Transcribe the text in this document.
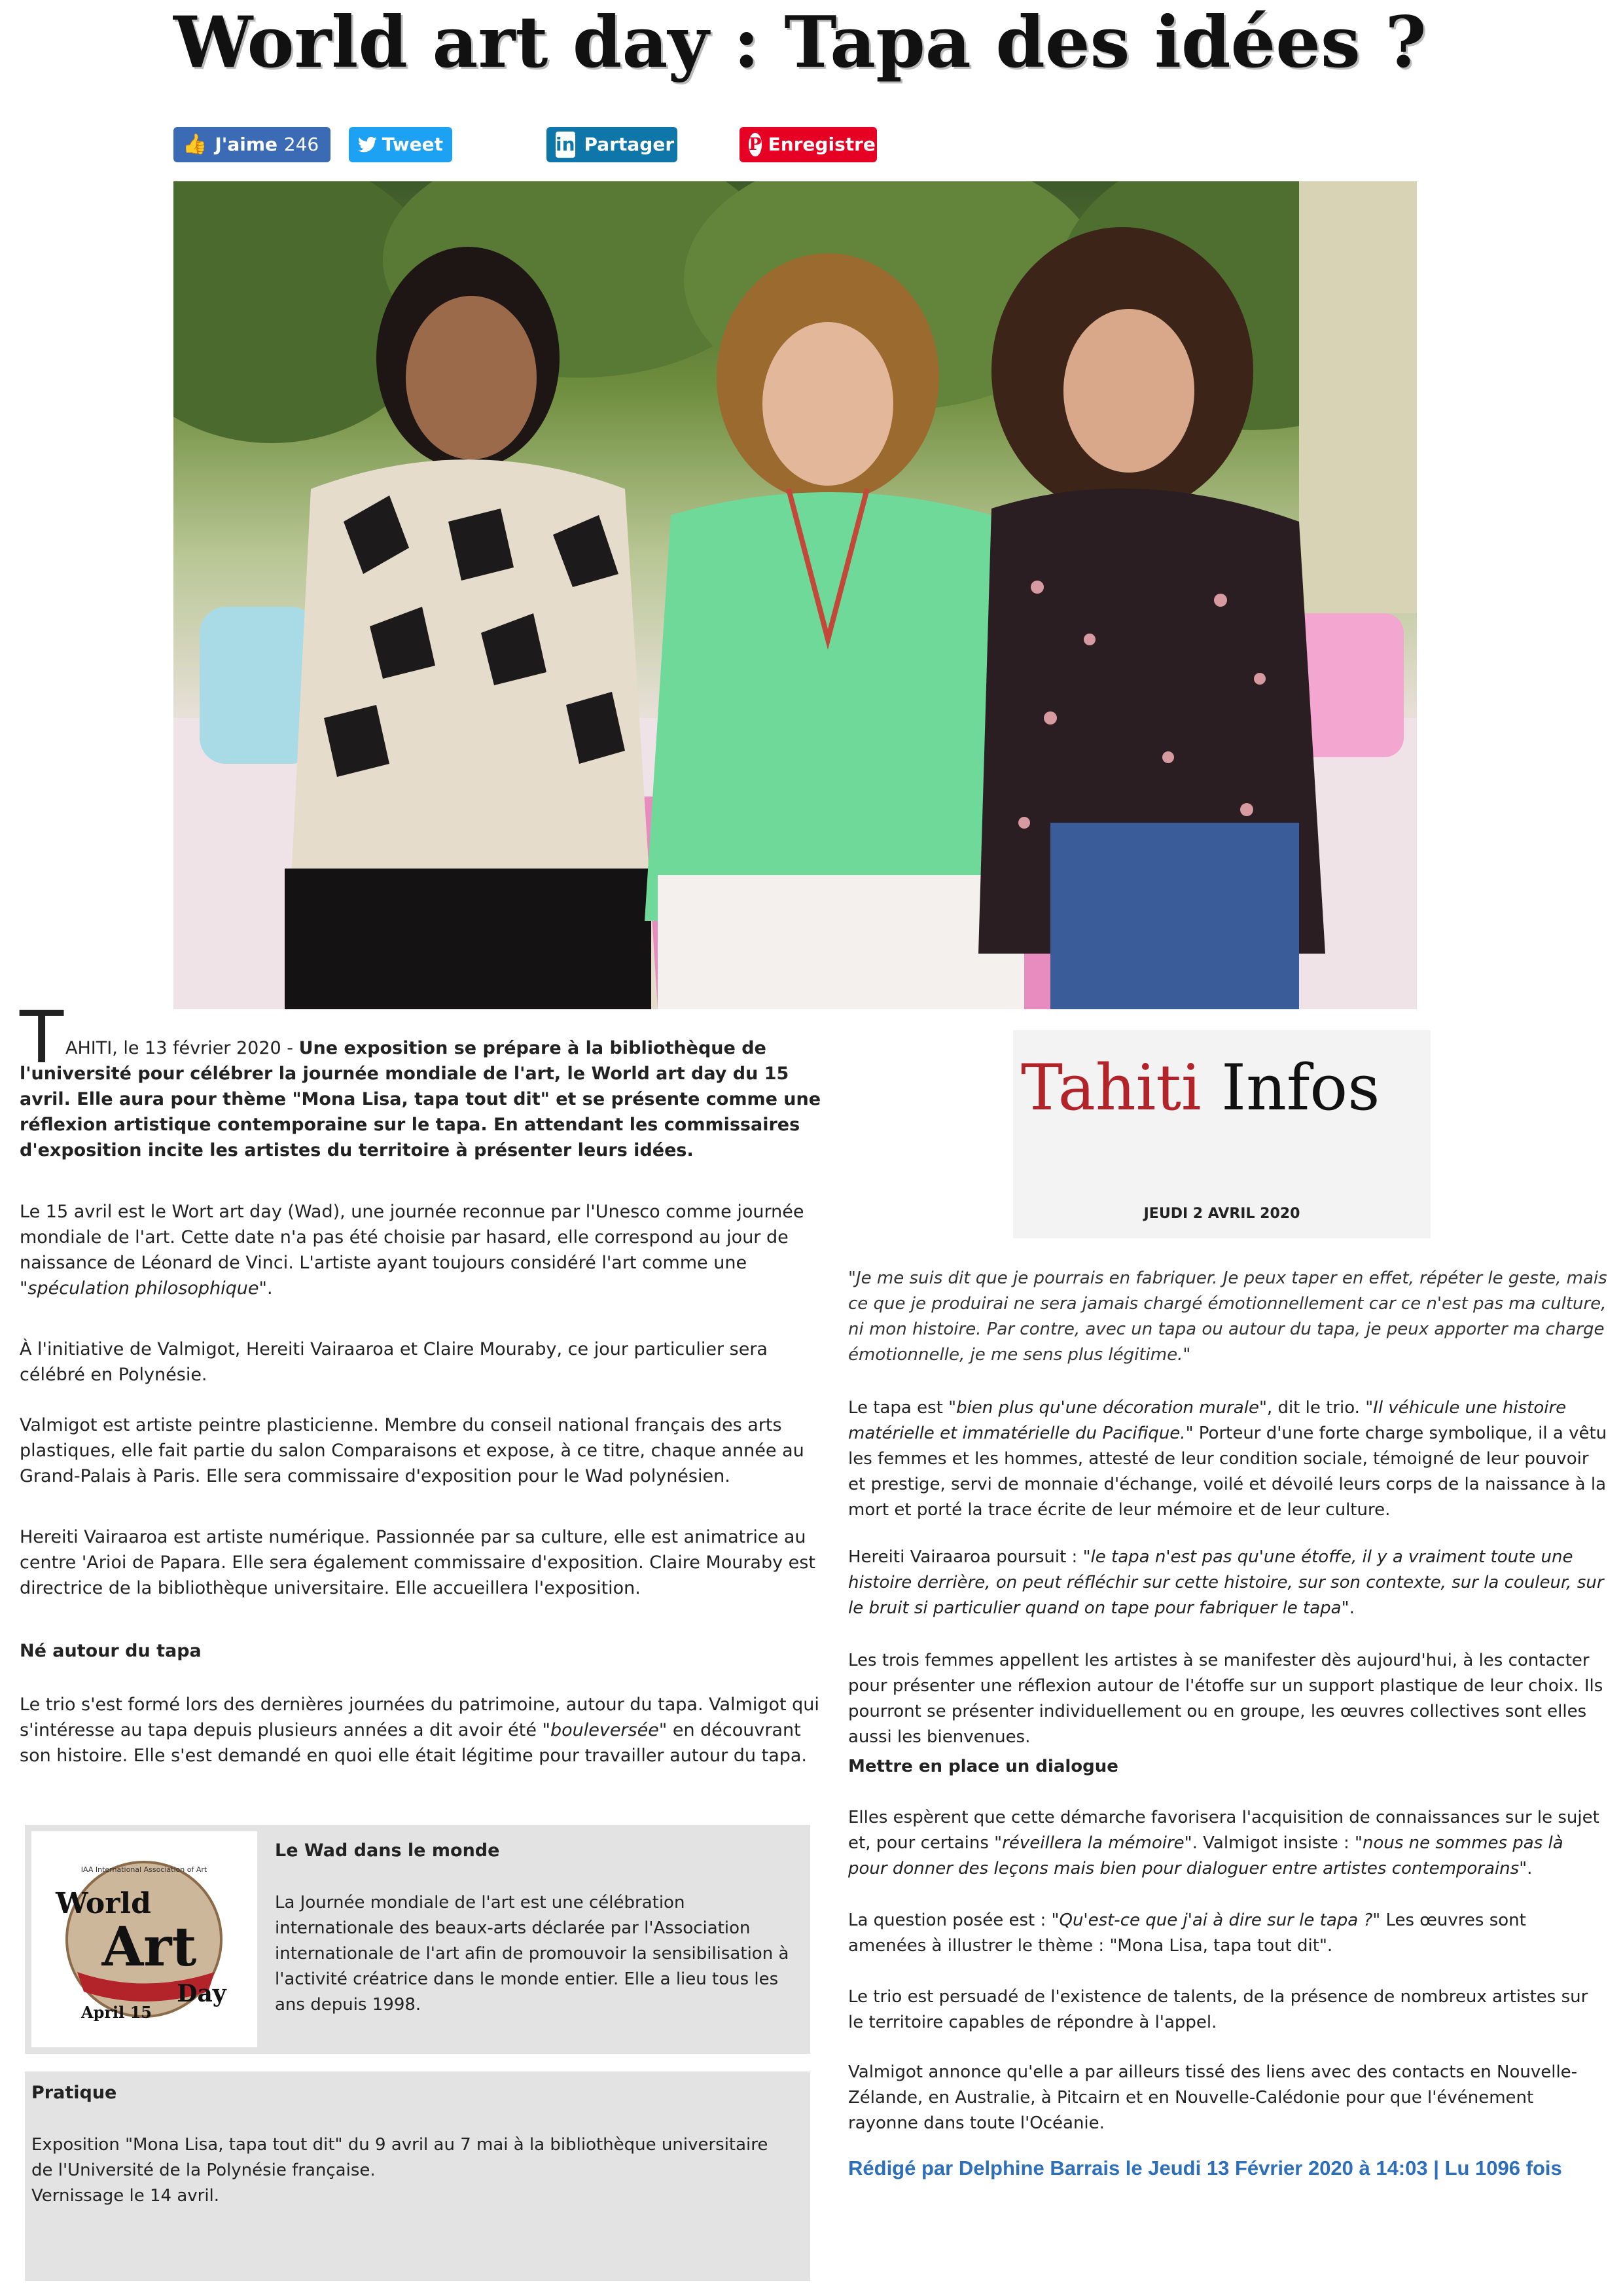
World art day : Tapa des idées ?
👍 J'aime
246	Tweet	in Partager	P Enregistrer
T AHITI, le 13 février 2020 - Une exposition se prépare à la bibliothèque de l'université pour célébrer la journée mondiale de l'art, le World art day du 15 avril. Elle aura pour thème "Mona Lisa, tapa tout dit" et se présente comme une réflexion artistique contemporaine sur le tapa. En attendant les commissaires d'exposition incite les artistes du territoire à présenter leurs idées.

Le 15 avril est le Wort art day (Wad), une journée reconnue par l'Unesco comme journée mondiale de l'art. Cette date n'a pas été choisie par hasard, elle correspond au jour de naissance de Léonard de Vinci. L'artiste ayant toujours considéré l'art comme une "spéculation philosophique".

À l'initiative de Valmigot, Hereiti Vairaaroa et Claire Mouraby, ce jour particulier sera célébré en Polynésie.

Valmigot est artiste peintre plasticienne. Membre du conseil national français des arts plastiques, elle fait partie du salon Comparaisons et expose, à ce titre, chaque année au Grand-Palais à Paris. Elle sera commissaire d'exposition pour le Wad polynésien.

Hereiti Vairaaroa est artiste numérique. Passionnée par sa culture, elle est animatrice au centre 'Arioi de Papara. Elle sera également commissaire d'exposition. Claire Mouraby est directrice de la bibliothèque universitaire. Elle accueillera l'exposition.

Né autour du tapa

Le trio s'est formé lors des dernières journées du patrimoine, autour du tapa. Valmigot qui s'intéresse au tapa depuis plusieurs années a dit avoir été "bouleversée" en découvrant son histoire. Elle s'est demandé en quoi elle était légitime pour travailler autour du tapa.

IAA International Association of Art
World
Art
Day
April 15

Le Wad dans le monde

La Journée mondiale de l'art est une célébration internationale des beaux-arts déclarée par l'Association internationale de l'art afin de promouvoir la sensibilisation à l'activité créatrice dans le monde entier. Elle a lieu tous les ans depuis 1998.

Pratique

Exposition "Mona Lisa, tapa tout dit" du 9 avril au 7 mai à la bibliothèque universitaire de l'Université de la Polynésie française.

Vernissage le 14 avril.

Tahiti Infos
JEUDI 2 AVRIL 2020

"Je me suis dit que je pourrais en fabriquer. Je peux taper en effet, répéter le geste, mais ce que je produirai ne sera jamais chargé émotionnellement car ce n'est pas ma culture, ni mon histoire. Par contre, avec un tapa ou autour du tapa, je peux apporter ma charge émotionnelle, je me sens plus légitime."

Le tapa est "bien plus qu'une décoration murale", dit le trio. "Il véhicule une histoire matérielle et immatérielle du Pacifique." Porteur d'une forte charge symbolique, il a vêtu les femmes et les hommes, attesté de leur condition sociale, témoigné de leur pouvoir et prestige, servi de monnaie d'échange, voilé et dévoilé leurs corps de la naissance à la mort et porté la trace écrite de leur mémoire et de leur culture.

Hereiti Vairaaroa poursuit : "le tapa n'est pas qu'une étoffe, il y a vraiment toute une histoire derrière, on peut réfléchir sur cette histoire, sur son contexte, sur la couleur, sur le bruit si particulier quand on tape pour fabriquer le tapa".

Les trois femmes appellent les artistes à se manifester dès aujourd'hui, à les contacter pour présenter une réflexion autour de l'étoffe sur un support plastique de leur choix. Ils pourront se présenter individuellement ou en groupe, les œuvres collectives sont elles aussi les bienvenues.

Mettre en place un dialogue

Elles espèrent que cette démarche favorisera l'acquisition de connaissances sur le sujet et, pour certains "réveillera la mémoire". Valmigot insiste : "nous ne sommes pas là pour donner des leçons mais bien pour dialoguer entre artistes contemporains".

La question posée est : "Qu'est-ce que j'ai à dire sur le tapa ?" Les œuvres sont amenées à illustrer le thème : "Mona Lisa, tapa tout dit".

Le trio est persuadé de l'existence de talents, de la présence de nombreux artistes sur le territoire capables de répondre à l'appel.

Valmigot annonce qu'elle a par ailleurs tissé des liens avec des contacts en Nouvelle-Zélande, en Australie, à Pitcairn et en Nouvelle-Calédonie pour que l'événement rayonne dans toute l'Océanie.

Rédigé par Delphine Barrais le Jeudi 13 Février 2020 à 14:03 | Lu 1096 fois
